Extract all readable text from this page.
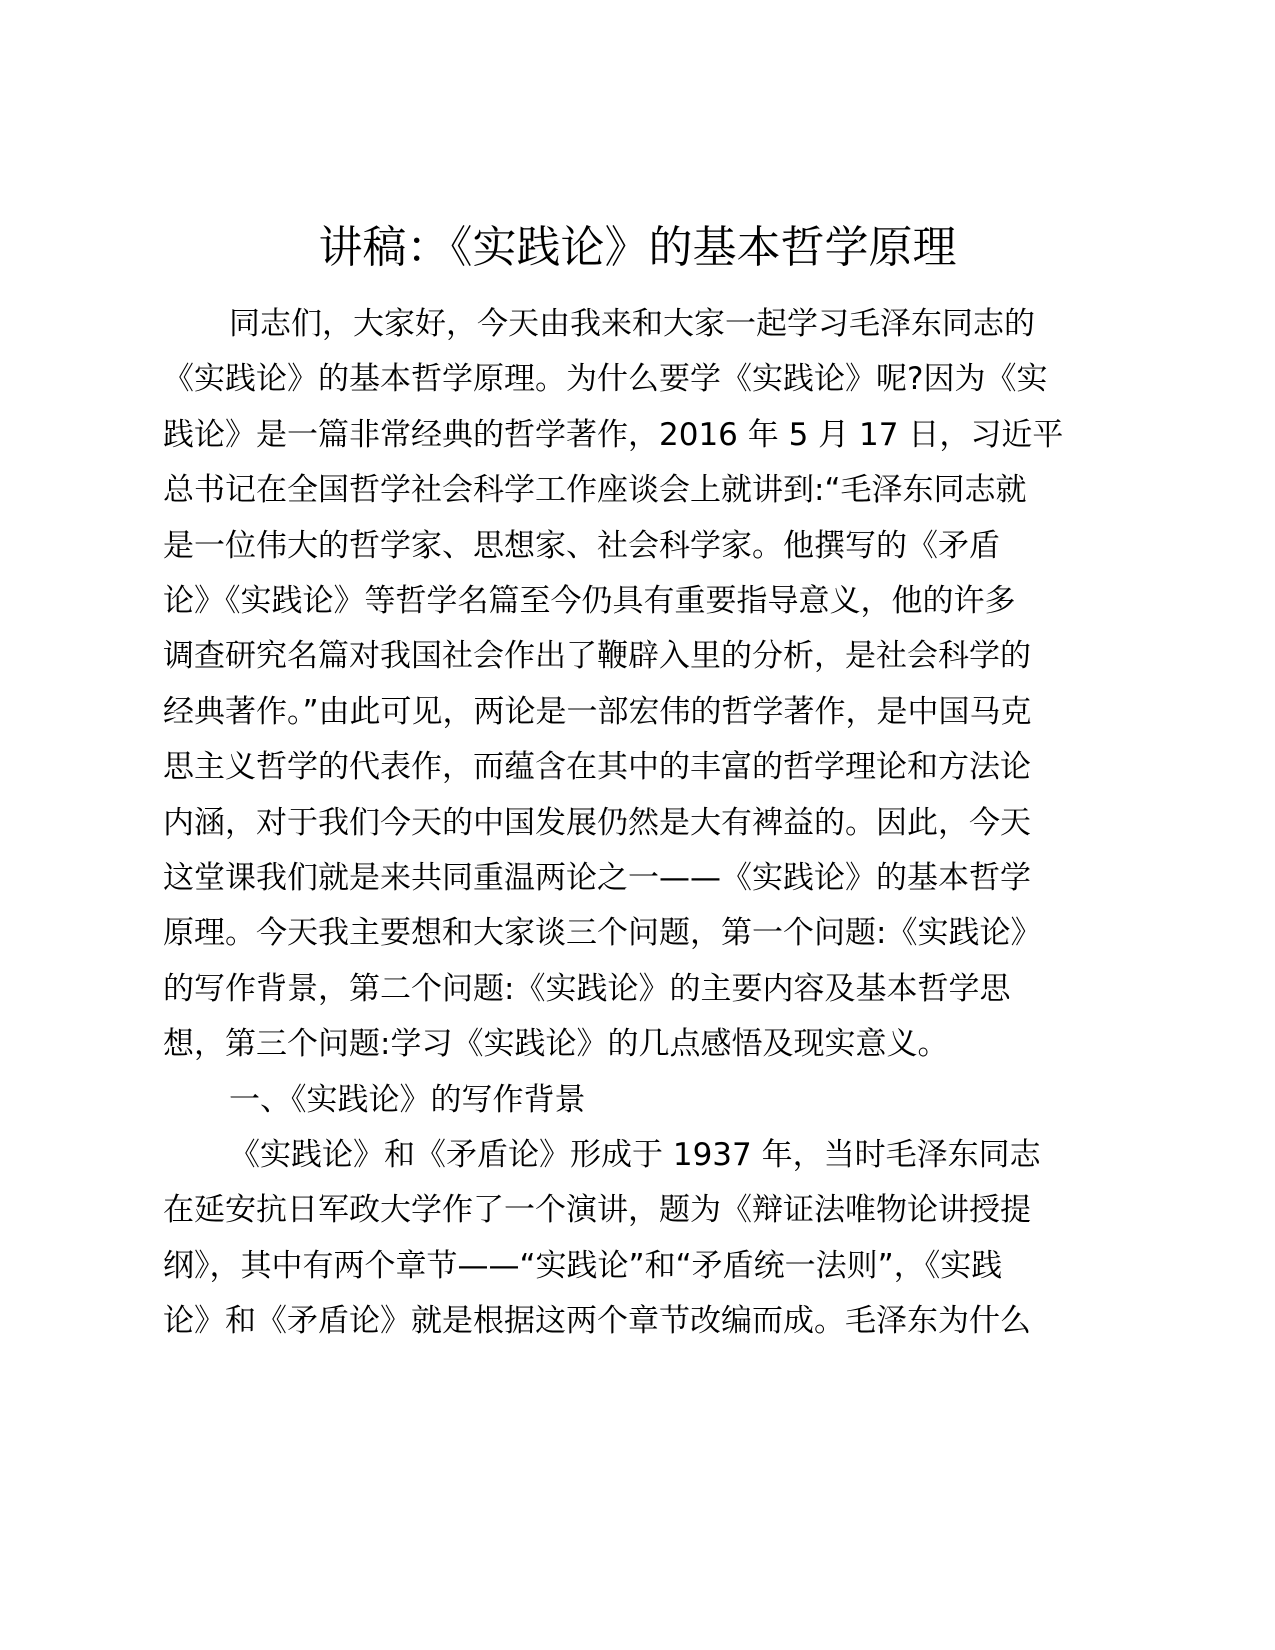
讲稿：《实践论》的基本哲学原理
同志们，大家好，今天由我来和大家一起学习毛泽东同志的
《实践论》的基本哲学原理。为什么要学《实践论》呢?因为《实
践论》是一篇非常经典的哲学著作，2016 年 5 月 17 日，习近平
总书记在全国哲学社会科学工作座谈会上就讲到:“毛泽东同志就
是一位伟大的哲学家、思想家、社会科学家。他撰写的《矛盾
论》《实践论》等哲学名篇至今仍具有重要指导意义，他的许多
调查研究名篇对我国社会作出了鞭辟入里的分析，是社会科学的
经典著作。”由此可见，两论是一部宏伟的哲学著作，是中国马克
思主义哲学的代表作，而蕴含在其中的丰富的哲学理论和方法论
内涵，对于我们今天的中国发展仍然是大有裨益的。因此，今天
这堂课我们就是来共同重温两论之一——《实践论》的基本哲学
原理。今天我主要想和大家谈三个问题，第一个问题:《实践论》
的写作背景，第二个问题:《实践论》的主要内容及基本哲学思
想，第三个问题:学习《实践论》的几点感悟及现实意义。
一、《实践论》的写作背景
《实践论》和《矛盾论》形成于 1937 年，当时毛泽东同志
在延安抗日军政大学作了一个演讲，题为《辩证法唯物论讲授提
纲》，其中有两个章节——“实践论”和“矛盾统一法则”，《实践
论》和《矛盾论》就是根据这两个章节改编而成。毛泽东为什么
